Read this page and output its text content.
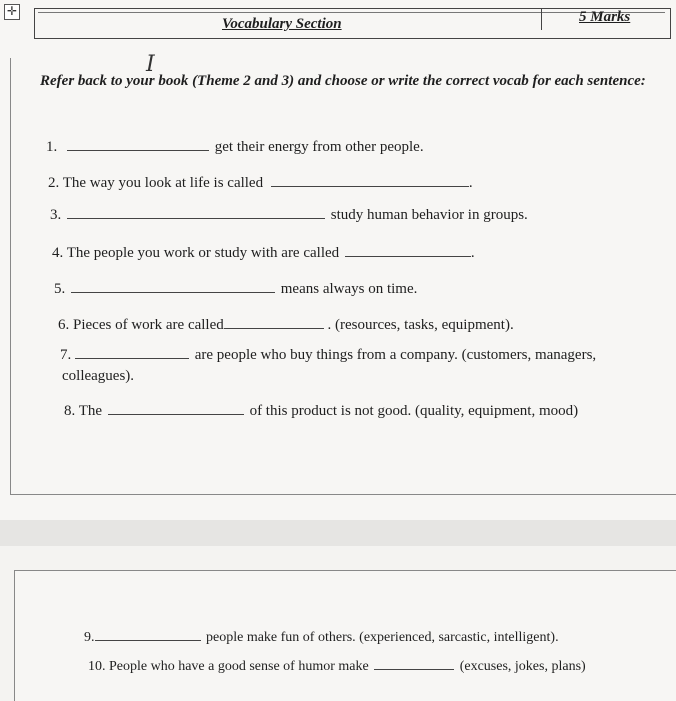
✛
Vocabulary Section	5 Marks
I
Refer back to your book (Theme 2 and 3) and choose or write the correct vocab for each sentence:
1.	get their energy from other people.
2. The way you look at life is called	.
3.	study human behavior in groups.
4. The people you work or study with are called	.
5.	means always on time.
6. Pieces of work are called	. (resources, tasks, equipment).
7.	are people who buy things from a company. (customers, managers,
colleagues).
8. The	of this product is not good. (quality, equipment, mood)
9.	people make fun of others. (experienced, sarcastic, intelligent).
10. People who have a good sense of humor make	(excuses, jokes, plans)
